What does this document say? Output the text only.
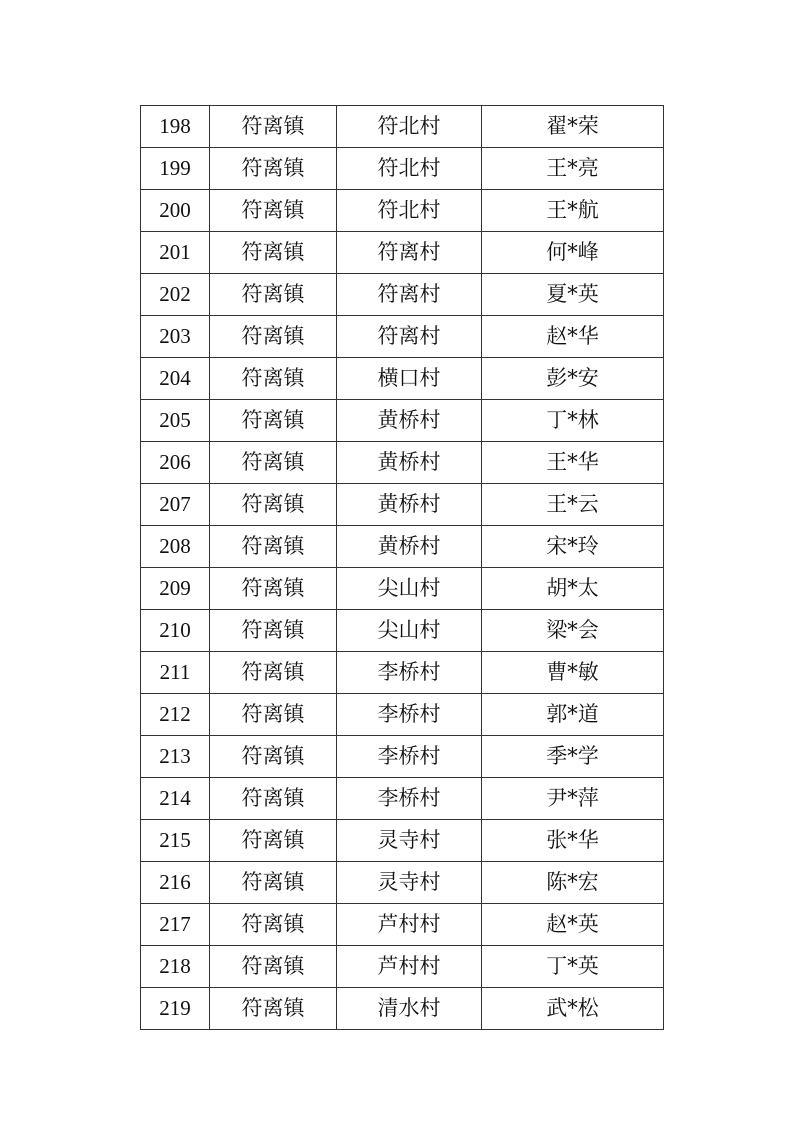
198	符离镇	符北村	翟*荣
199	符离镇	符北村	王*亮
200	符离镇	符北村	王*航
201	符离镇	符离村	何*峰
202	符离镇	符离村	夏*英
203	符离镇	符离村	赵*华
204	符离镇	横口村	彭*安
205	符离镇	黄桥村	丁*林
206	符离镇	黄桥村	王*华
207	符离镇	黄桥村	王*云
208	符离镇	黄桥村	宋*玲
209	符离镇	尖山村	胡*太
210	符离镇	尖山村	梁*会
211	符离镇	李桥村	曹*敏
212	符离镇	李桥村	郭*道
213	符离镇	李桥村	季*学
214	符离镇	李桥村	尹*萍
215	符离镇	灵寺村	张*华
216	符离镇	灵寺村	陈*宏
217	符离镇	芦村村	赵*英
218	符离镇	芦村村	丁*英
219	符离镇	清水村	武*松
